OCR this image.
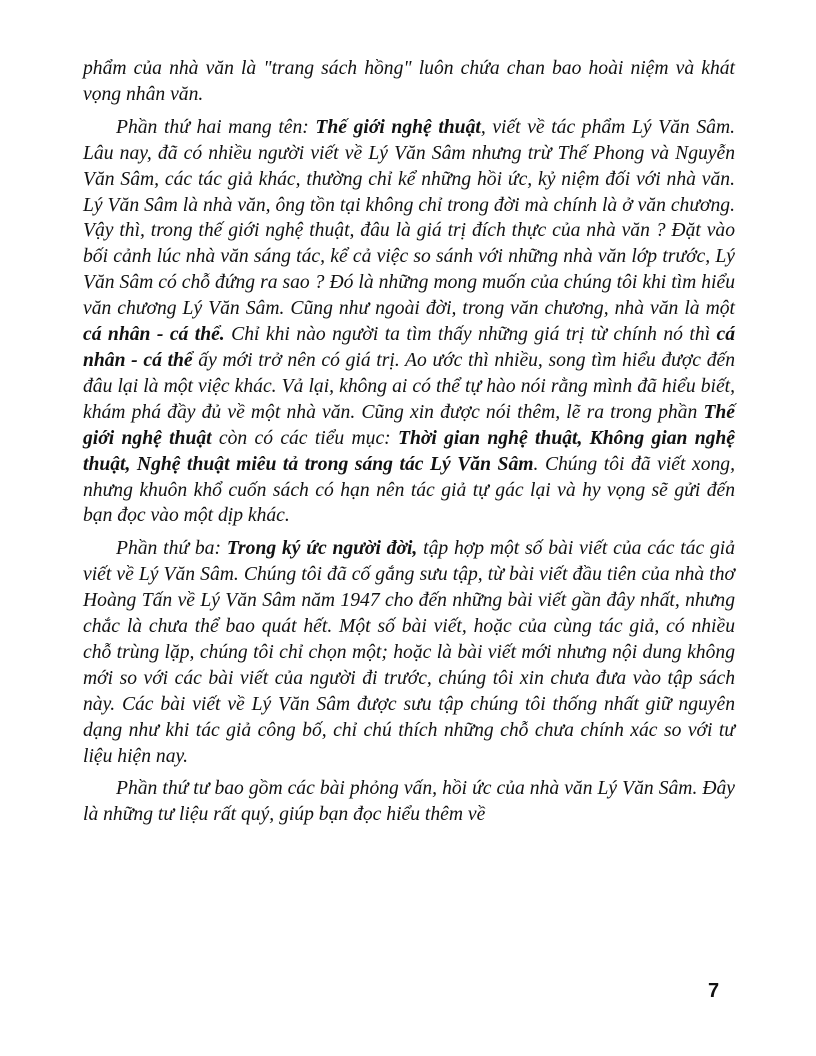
phẩm của nhà văn là "trang sách hồng" luôn chứa chan bao hoài niệm và khát vọng nhân văn.

Phần thứ hai mang tên: Thế giới nghệ thuật, viết về tác phẩm Lý Văn Sâm. Lâu nay, đã có nhiều người viết về Lý Văn Sâm nhưng trừ Thế Phong và Nguyễn Văn Sâm, các tác giả khác, thường chỉ kể những hồi ức, kỷ niệm đối với nhà văn. Lý Văn Sâm là nhà văn, ông tồn tại không chỉ trong đời mà chính là ở văn chương. Vậy thì, trong thế giới nghệ thuật, đâu là giá trị đích thực của nhà văn ? Đặt vào bối cảnh lúc nhà văn sáng tác, kể cả việc so sánh với những nhà văn lớp trước, Lý Văn Sâm có chỗ đứng ra sao ? Đó là những mong muốn của chúng tôi khi tìm hiểu văn chương Lý Văn Sâm. Cũng như ngoài đời, trong văn chương, nhà văn là một cá nhân - cá thể. Chỉ khi nào người ta tìm thấy những giá trị từ chính nó thì cá nhân - cá thể ấy mới trở nên có giá trị. Ao ước thì nhiều, song tìm hiểu được đến đâu lại là một việc khác. Vả lại, không ai có thể tự hào nói rằng mình đã hiểu biết, khám phá đầy đủ về một nhà văn. Cũng xin được nói thêm, lẽ ra trong phần Thế giới nghệ thuật còn có các tiểu mục: Thời gian nghệ thuật, Không gian nghệ thuật, Nghệ thuật miêu tả trong sáng tác Lý Văn Sâm. Chúng tôi đã viết xong, nhưng khuôn khổ cuốn sách có hạn nên tác giả tự gác lại và hy vọng sẽ gửi đến bạn đọc vào một dịp khác.

Phần thứ ba: Trong ký ức người đời, tập hợp một số bài viết của các tác giả viết về Lý Văn Sâm. Chúng tôi đã cố gắng sưu tập, từ bài viết đầu tiên của nhà thơ Hoàng Tấn về Lý Văn Sâm năm 1947 cho đến những bài viết gần đây nhất, nhưng chắc là chưa thể bao quát hết. Một số bài viết, hoặc của cùng tác giả, có nhiều chỗ trùng lặp, chúng tôi chỉ chọn một; hoặc là bài viết mới nhưng nội dung không mới so với các bài viết của người đi trước, chúng tôi xin chưa đưa vào tập sách này. Các bài viết về Lý Văn Sâm được sưu tập chúng tôi thống nhất giữ nguyên dạng như khi tác giả công bố, chỉ chú thích những chỗ chưa chính xác so với tư liệu hiện nay.

Phần thứ tư bao gồm các bài phỏng vấn, hồi ức của nhà văn Lý Văn Sâm. Đây là những tư liệu rất quý, giúp bạn đọc hiểu thêm về

7
